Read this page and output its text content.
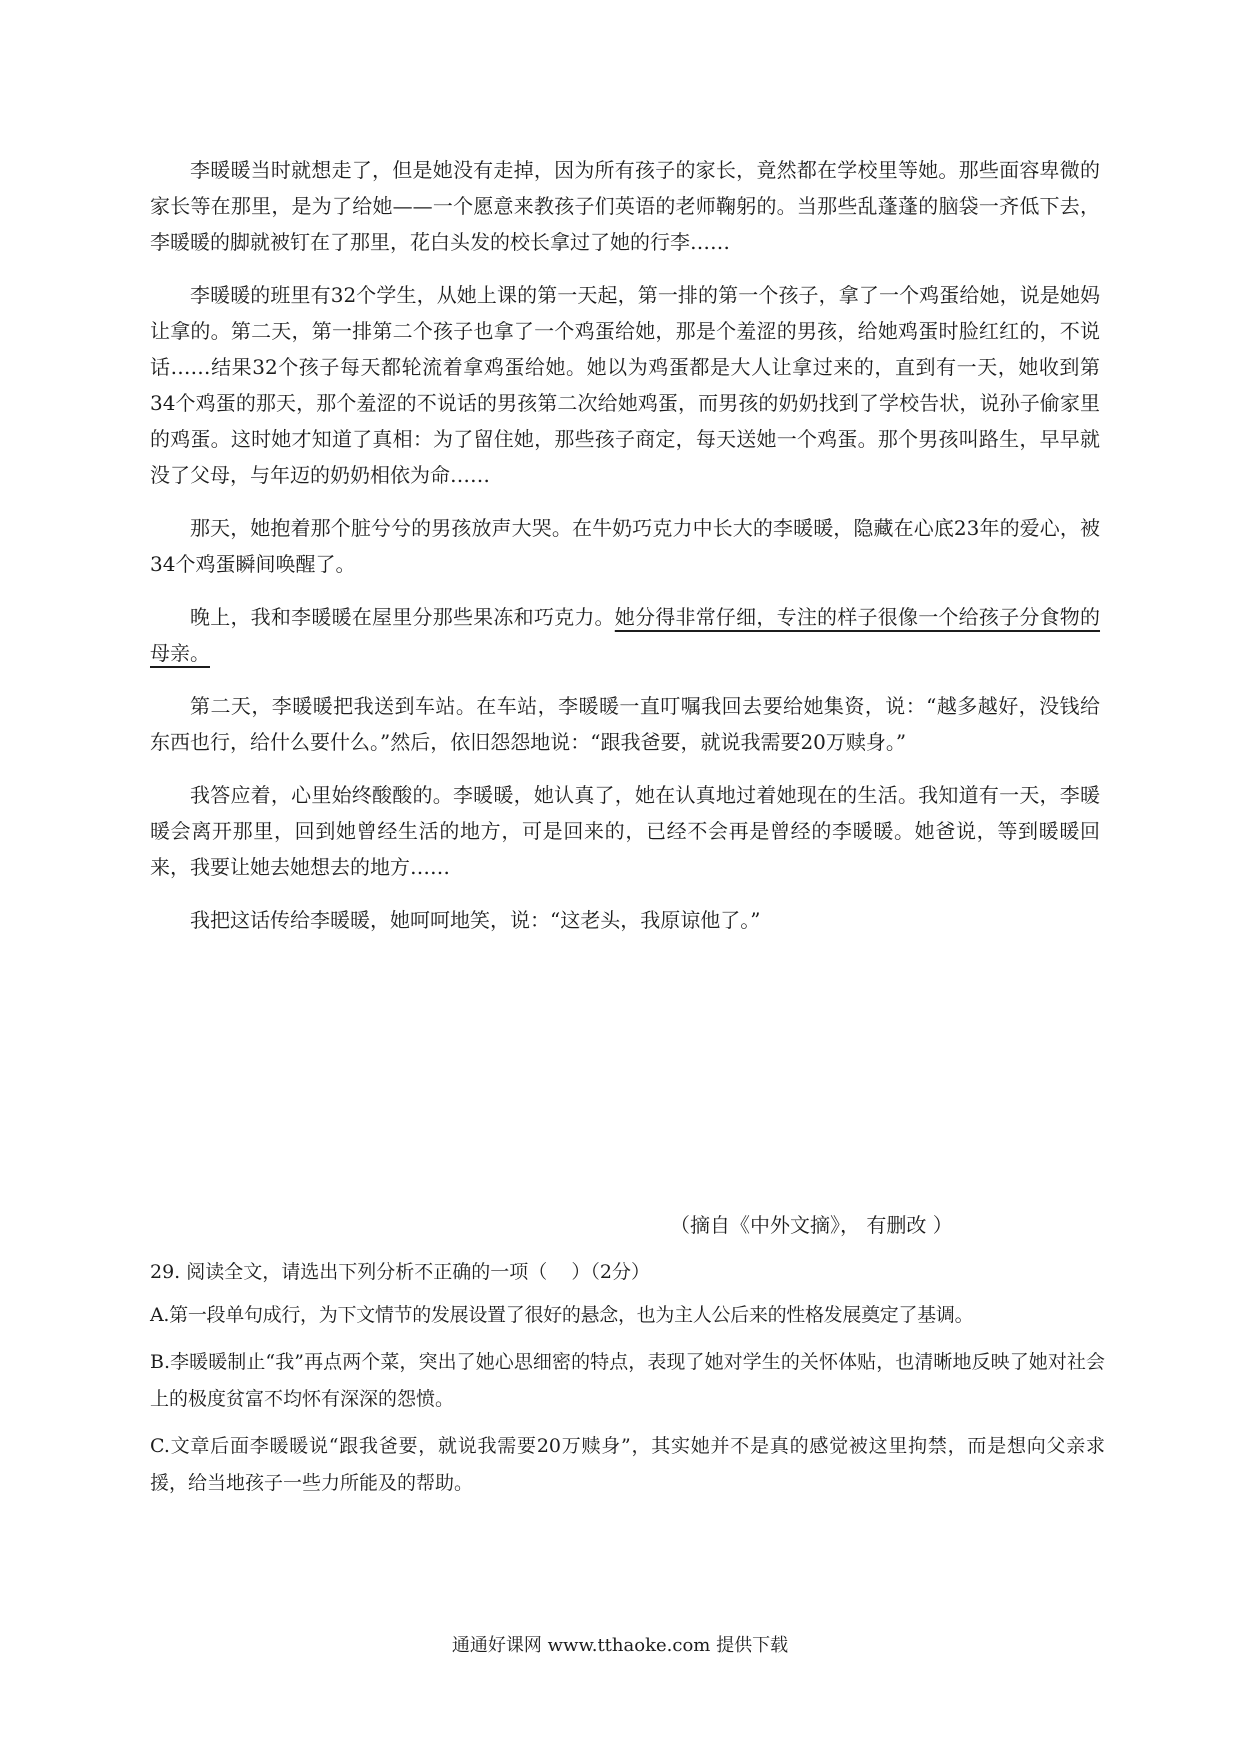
李暖暖当时就想走了，但是她没有走掉，因为所有孩子的家长，竟然都在学校里等她。那些面容卑微的家长等在那里，是为了给她——一个愿意来教孩子们英语的老师鞠躬的。当那些乱蓬蓬的脑袋一齐低下去，李暖暖的脚就被钉在了那里，花白头发的校长拿过了她的行李……

李暖暖的班里有32个学生，从她上课的第一天起，第一排的第一个孩子，拿了一个鸡蛋给她，说是她妈让拿的。第二天，第一排第二个孩子也拿了一个鸡蛋给她，那是个羞涩的男孩，给她鸡蛋时脸红红的，不说话……结果32个孩子每天都轮流着拿鸡蛋给她。她以为鸡蛋都是大人让拿过来的，直到有一天，她收到第34个鸡蛋的那天，那个羞涩的不说话的男孩第二次给她鸡蛋，而男孩的奶奶找到了学校告状，说孙子偷家里的鸡蛋。这时她才知道了真相：为了留住她，那些孩子商定，每天送她一个鸡蛋。那个男孩叫路生，早早就没了父母，与年迈的奶奶相依为命……

那天，她抱着那个脏兮兮的男孩放声大哭。在牛奶巧克力中长大的李暖暖，隐藏在心底23年的爱心，被34个鸡蛋瞬间唤醒了。

晚上，我和李暖暖在屋里分那些果冻和巧克力。她分得非常仔细，专注的样子很像一个给孩子分食物的母亲。

第二天，李暖暖把我送到车站。在车站，李暖暖一直叮嘱我回去要给她集资，说：“越多越好，没钱给东西也行，给什么要什么。”然后，依旧怨怨地说：“跟我爸要，就说我需要20万赎身。”

我答应着，心里始终酸酸的。李暖暖，她认真了，她在认真地过着她现在的生活。我知道有一天，李暖暖会离开那里，回到她曾经生活的地方，可是回来的，已经不会再是曾经的李暖暖。她爸说，等到暖暖回来，我要让她去她想去的地方……

我把这话传给李暖暖，她呵呵地笑，说：“这老头，我原谅他了。”

（摘自《中外文摘》， 有删改 ）

29. 阅读全文，请选出下列分析不正确的一项（    ）（2分）

A.第一段单句成行，为下文情节的发展设置了很好的悬念，也为主人公后来的性格发展奠定了基调。

B.李暖暖制止“我”再点两个菜，突出了她心思细密的特点，表现了她对学生的关怀体贴，也清晰地反映了她对社会上的极度贫富不均怀有深深的怨愤。

C.文章后面李暖暖说“跟我爸要，就说我需要20万赎身”，其实她并不是真的感觉被这里拘禁，而是想向父亲求援，给当地孩子一些力所能及的帮助。

通通好课网 www.tthaoke.com 提供下载
